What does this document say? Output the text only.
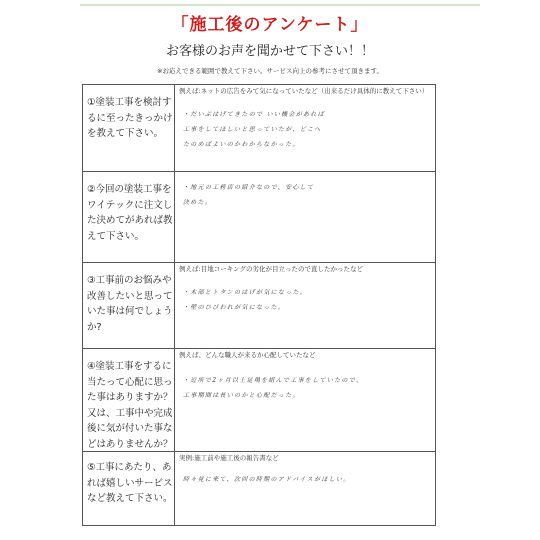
「施工後のアンケート」
お客様のお声を聞かせて下さい！！
※お応えできる範囲で教えて下さい。サービス向上の参考にさせて頂きます。
①塗装工事を検討するに至ったきっかけを教えて下さい。
例えば:ネットの広告をみて気になっていたなど（出来るだけ具体的に教えて下さい）
・だいぶはげてきたので いい機会があれば
工事をしてほしいと思っていたが、どこへ
たのめばよいのかわからなかった。
②今回の塗装工事をワイテックに注文した決めてがあれば教えて下さい。
・地元の工務店の紹介なので、安心して
決めた。
③工事前のお悩みや改善したいと思っていた事は何でしょうか?
例えば:目地コーキングの劣化が目立ったので直したかったなど
・木部とトタンのはげが気になった。
・壁のひびわれが気になった。
④塗装工事をするに当たって心配に思った事はありますか？又は、工事中や完成後に気が付いた事などはありませんか？
例えば、どんな職人が来るか心配していたなど
・近所で2ヶ月以上足場を組んで工事をしていたので、
工事期間は長いのかと心配だった。
⑤工事にあたり、あれば嬉しいサービスなど教えて下さい。
実例:施工前や施工後の報告書など
時々見に来て、次回の時期のアドバイスがほしい。
